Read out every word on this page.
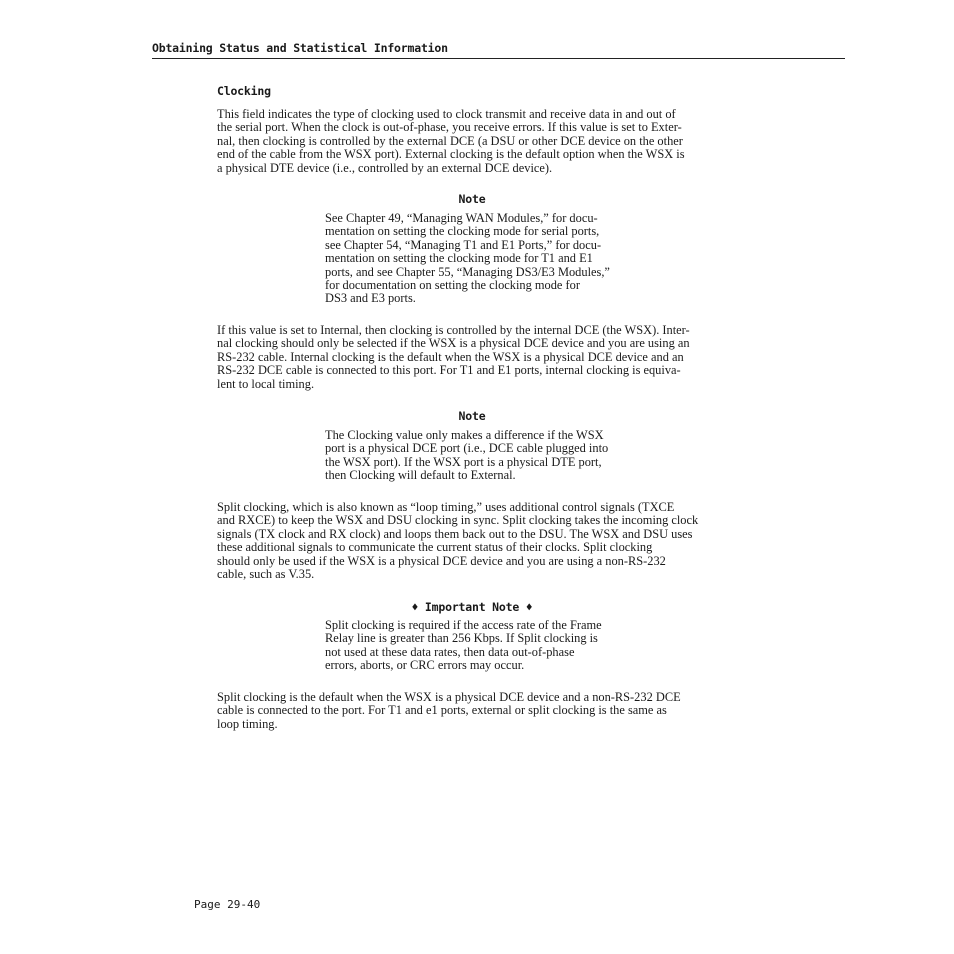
Obtaining Status and Statistical Information
Clocking
This field indicates the type of clocking used to clock transmit and receive data in and out of
the serial port. When the clock is out-of-phase, you receive errors. If this value is set to Exter-
nal, then clocking is controlled by the external DCE (a DSU or other DCE device on the other
end of the cable from the WSX port). External clocking is the default option when the WSX is
a physical DTE device (i.e., controlled by an external DCE device).
Note
See Chapter 49, “Managing WAN Modules,” for docu-
mentation on setting the clocking mode for serial ports,
see Chapter 54, “Managing T1 and E1 Ports,” for docu-
mentation on setting the clocking mode for T1 and E1
ports, and see Chapter 55, “Managing DS3/E3 Modules,”
for documentation on setting the clocking mode for
DS3 and E3 ports.
If this value is set to Internal, then clocking is controlled by the internal DCE (the WSX). Inter-
nal clocking should only be selected if the WSX is a physical DCE device and you are using an
RS-232 cable. Internal clocking is the default when the WSX is a physical DCE device and an
RS-232 DCE cable is connected to this port. For T1 and E1 ports, internal clocking is equiva-
lent to local timing.
Note
The Clocking value only makes a difference if the WSX
port is a physical DCE port (i.e., DCE cable plugged into
the WSX port). If the WSX port is a physical DTE port,
then Clocking will default to External.
Split clocking, which is also known as “loop timing,” uses additional control signals (TXCE
and RXCE) to keep the WSX and DSU clocking in sync. Split clocking takes the incoming clock
signals (TX clock and RX clock) and loops them back out to the DSU. The WSX and DSU uses
these additional signals to communicate the current status of their clocks. Split clocking
should only be used if the WSX is a physical DCE device and you are using a non-RS-232
cable, such as V.35.
♦ Important Note ♦
Split clocking is required if the access rate of the Frame
Relay line is greater than 256 Kbps. If Split clocking is
not used at these data rates, then data out-of-phase
errors, aborts, or CRC errors may occur.
Split clocking is the default when the WSX is a physical DCE device and a non-RS-232 DCE
cable is connected to the port. For T1 and e1 ports, external or split clocking is the same as
loop timing.
Page 29-40
